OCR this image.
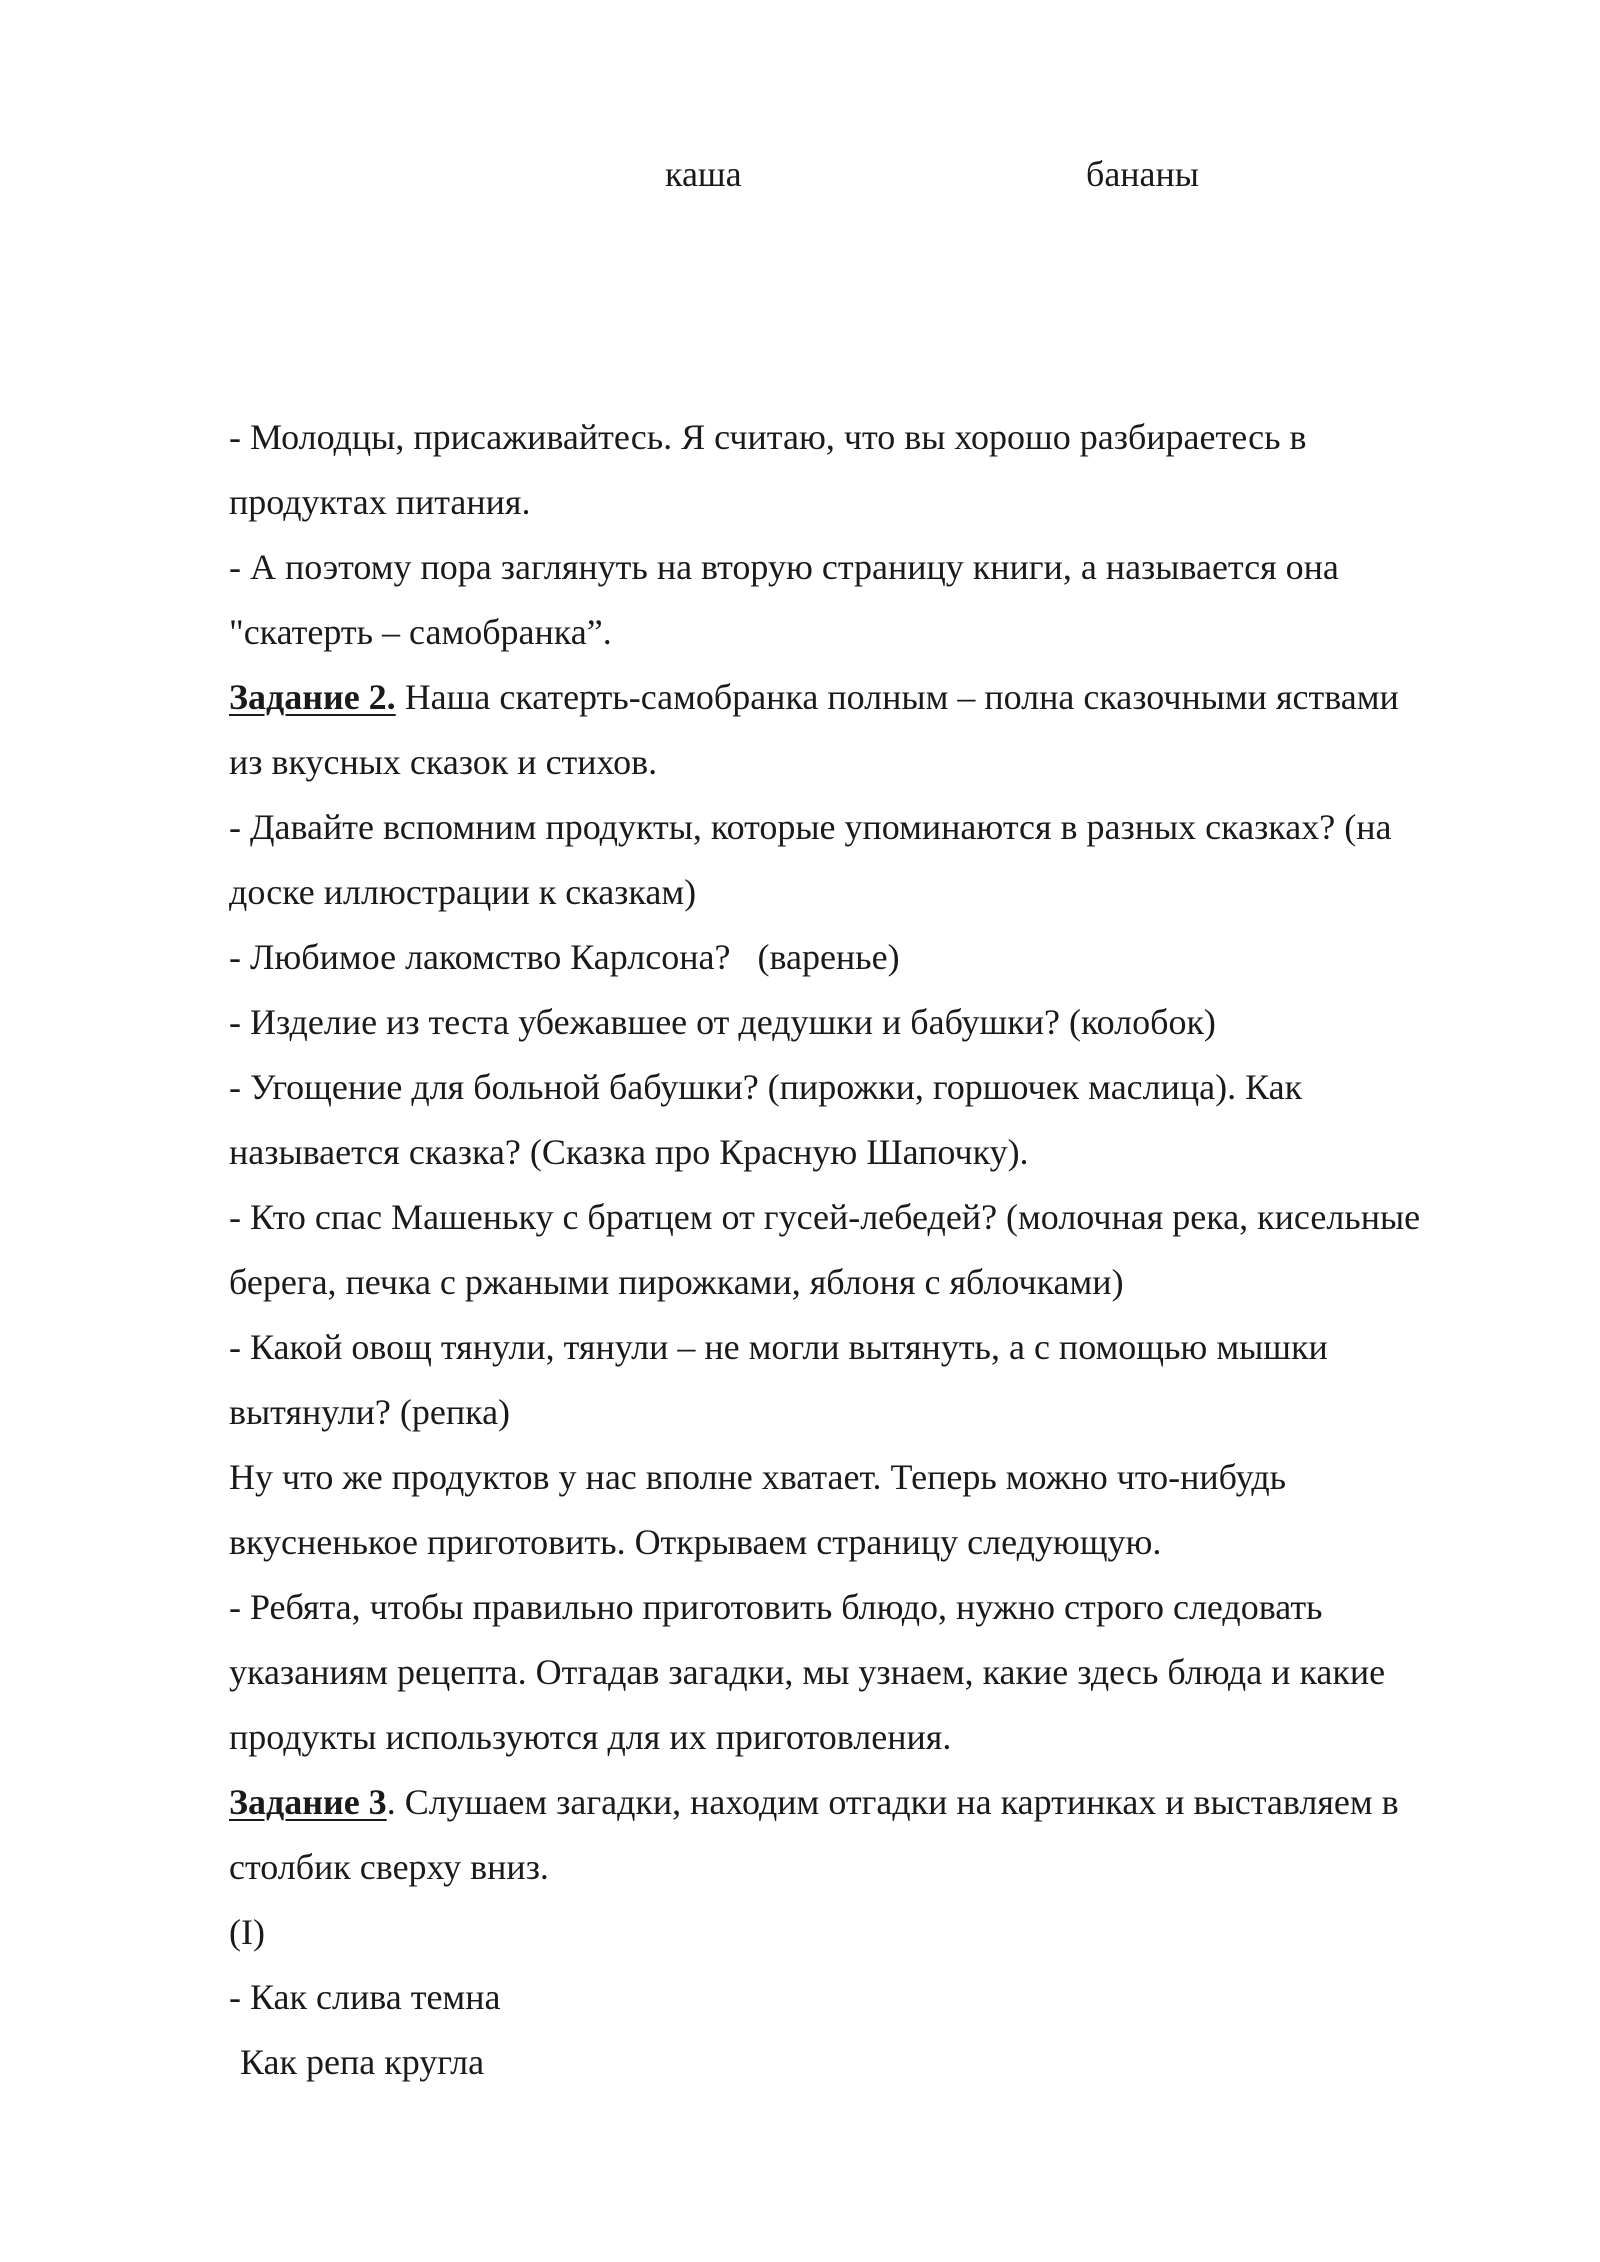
каша	бананы
- Молодцы, присаживайтесь. Я считаю, что вы хорошо разбираетесь в
продуктах питания.
- А поэтому пора заглянуть на вторую страницу книги, а называется она
"скатерть – самобранка”.
Задание 2. Наша скатерть-самобранка полным – полна сказочными яствами
из вкусных сказок и стихов.
- Давайте вспомним продукты, которые упоминаются в разных сказках? (на
доске иллюстрации к сказкам)
- Любимое лакомство Карлсона?   (варенье)
- Изделие из теста убежавшее от дедушки и бабушки? (колобок)
- Угощение для больной бабушки? (пирожки, горшочек маслица). Как
называется сказка? (Сказка про Красную Шапочку).
- Кто спас Машеньку с братцем от гусей-лебедей? (молочная река, кисельные
берега, печка с ржаными пирожками, яблоня с яблочками)
- Какой овощ тянули, тянули – не могли вытянуть, а с помощью мышки
вытянули? (репка)
Ну что же продуктов у нас вполне хватает. Теперь можно что-нибудь
вкусненькое приготовить. Открываем страницу следующую.
- Ребята, чтобы правильно приготовить блюдо, нужно строго следовать
указаниям рецепта. Отгадав загадки, мы узнаем, какие здесь блюда и какие
продукты используются для их приготовления.
Задание 3. Слушаем загадки, находим отгадки на картинках и выставляем в
столбик сверху вниз.
(I)
- Как слива темна
Как репа кругла
